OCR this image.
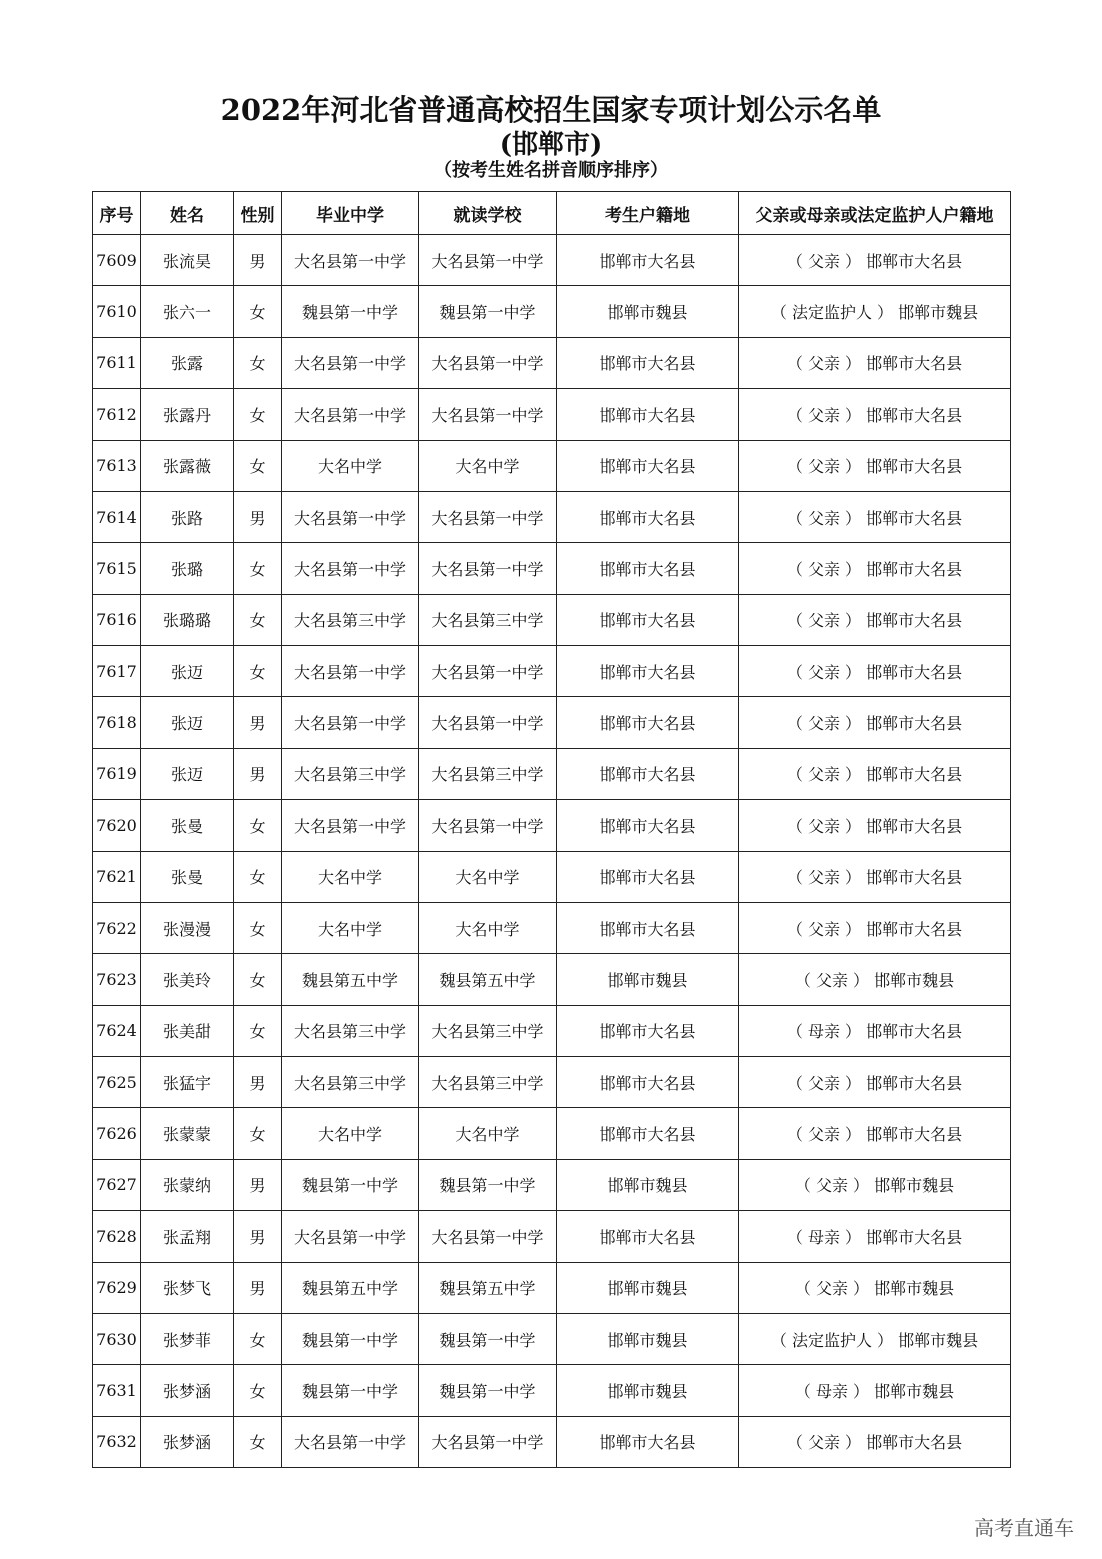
2022年河北省普通高校招生国家专项计划公示名单
(邯郸市)
（按考生姓名拼音顺序排序）
序号	姓名	性别	毕业中学	就读学校	考生户籍地	父亲或母亲或法定监护人户籍地
7609	张流昊	男	大名县第一中学	大名县第一中学	邯郸市大名县	（ 父亲 ） 邯郸市大名县
7610	张六一	女	魏县第一中学	魏县第一中学	邯郸市魏县	（ 法定监护人 ） 邯郸市魏县
7611	张露	女	大名县第一中学	大名县第一中学	邯郸市大名县	（ 父亲 ） 邯郸市大名县
7612	张露丹	女	大名县第一中学	大名县第一中学	邯郸市大名县	（ 父亲 ） 邯郸市大名县
7613	张露薇	女	大名中学	大名中学	邯郸市大名县	（ 父亲 ） 邯郸市大名县
7614	张路	男	大名县第一中学	大名县第一中学	邯郸市大名县	（ 父亲 ） 邯郸市大名县
7615	张璐	女	大名县第一中学	大名县第一中学	邯郸市大名县	（ 父亲 ） 邯郸市大名县
7616	张璐璐	女	大名县第三中学	大名县第三中学	邯郸市大名县	（ 父亲 ） 邯郸市大名县
7617	张迈	女	大名县第一中学	大名县第一中学	邯郸市大名县	（ 父亲 ） 邯郸市大名县
7618	张迈	男	大名县第一中学	大名县第一中学	邯郸市大名县	（ 父亲 ） 邯郸市大名县
7619	张迈	男	大名县第三中学	大名县第三中学	邯郸市大名县	（ 父亲 ） 邯郸市大名县
7620	张曼	女	大名县第一中学	大名县第一中学	邯郸市大名县	（ 父亲 ） 邯郸市大名县
7621	张曼	女	大名中学	大名中学	邯郸市大名县	（ 父亲 ） 邯郸市大名县
7622	张漫漫	女	大名中学	大名中学	邯郸市大名县	（ 父亲 ） 邯郸市大名县
7623	张美玲	女	魏县第五中学	魏县第五中学	邯郸市魏县	（ 父亲 ） 邯郸市魏县
7624	张美甜	女	大名县第三中学	大名县第三中学	邯郸市大名县	（ 母亲 ） 邯郸市大名县
7625	张猛宇	男	大名县第三中学	大名县第三中学	邯郸市大名县	（ 父亲 ） 邯郸市大名县
7626	张蒙蒙	女	大名中学	大名中学	邯郸市大名县	（ 父亲 ） 邯郸市大名县
7627	张蒙纳	男	魏县第一中学	魏县第一中学	邯郸市魏县	（ 父亲 ） 邯郸市魏县
7628	张孟翔	男	大名县第一中学	大名县第一中学	邯郸市大名县	（ 母亲 ） 邯郸市大名县
7629	张梦飞	男	魏县第五中学	魏县第五中学	邯郸市魏县	（ 父亲 ） 邯郸市魏县
7630	张梦菲	女	魏县第一中学	魏县第一中学	邯郸市魏县	（ 法定监护人 ） 邯郸市魏县
7631	张梦涵	女	魏县第一中学	魏县第一中学	邯郸市魏县	（ 母亲 ） 邯郸市魏县
7632	张梦涵	女	大名县第一中学	大名县第一中学	邯郸市大名县	（ 父亲 ） 邯郸市大名县
高考直通车
